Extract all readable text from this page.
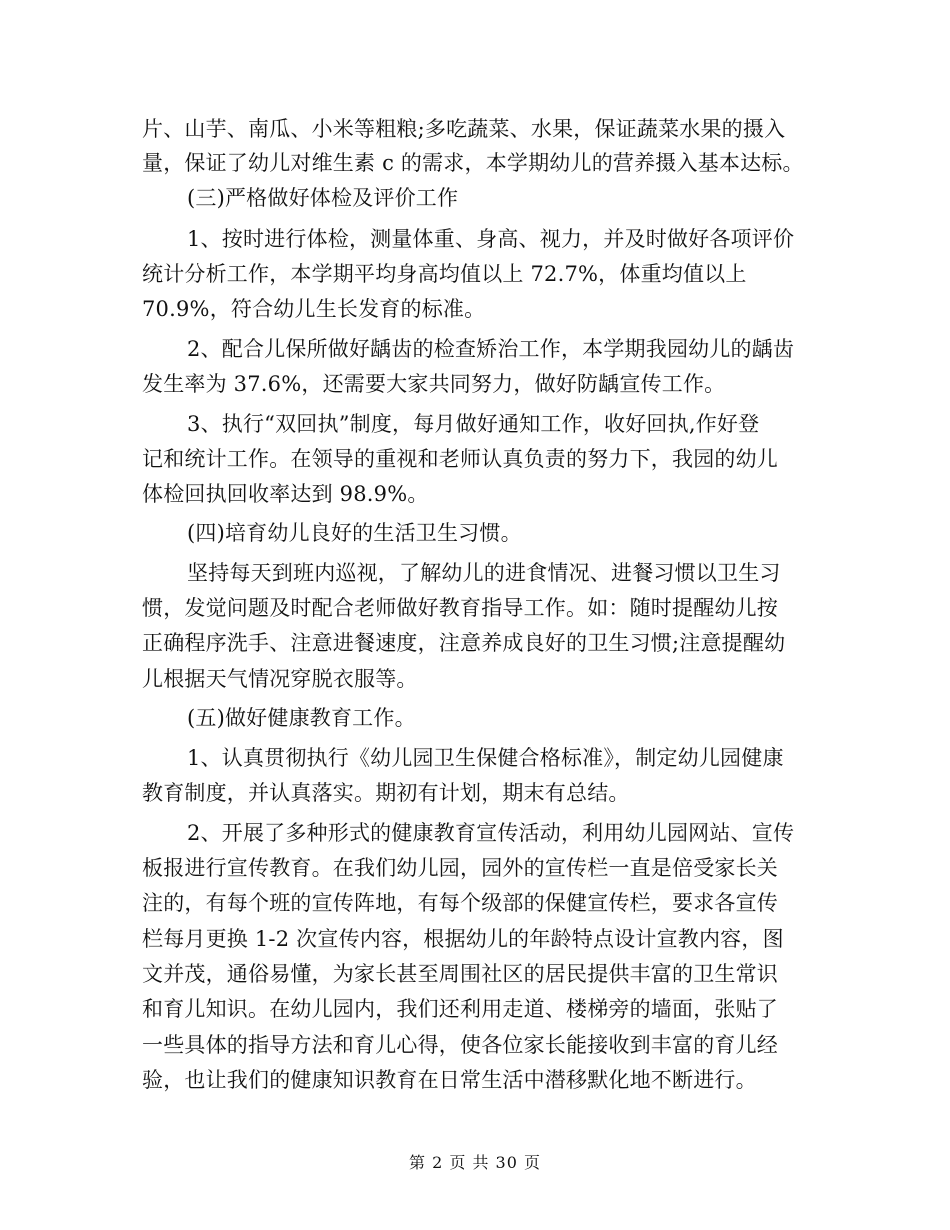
片、山芋、南瓜、小米等粗粮;多吃蔬菜、水果，保证蔬菜水果的摄入
量，保证了幼儿对维生素 c 的需求，本学期幼儿的营养摄入基本达标。
(三)严格做好体检及评价工作
1、按时进行体检，测量体重、身高、视力，并及时做好各项评价
统计分析工作，本学期平均身高均值以上 72.7%，体重均值以上
70.9%，符合幼儿生长发育的标准。
2、配合儿保所做好龋齿的检查矫治工作，本学期我园幼儿的龋齿
发生率为 37.6%，还需要大家共同努力，做好防龋宣传工作。
3、执行“双回执”制度，每月做好通知工作，收好回执,作好登
记和统计工作。在领导的重视和老师认真负责的努力下，我园的幼儿
体检回执回收率达到 98.9%。
(四)培育幼儿良好的生活卫生习惯。
坚持每天到班内巡视，了解幼儿的进食情况、进餐习惯以卫生习
惯，发觉问题及时配合老师做好教育指导工作。如：随时提醒幼儿按
正确程序洗手、注意进餐速度，注意养成良好的卫生习惯;注意提醒幼
儿根据天气情况穿脱衣服等。
(五)做好健康教育工作。
1、认真贯彻执行《幼儿园卫生保健合格标准》，制定幼儿园健康
教育制度，并认真落实。期初有计划，期末有总结。
2、开展了多种形式的健康教育宣传活动，利用幼儿园网站、宣传
板报进行宣传教育。在我们幼儿园，园外的宣传栏一直是倍受家长关
注的，有每个班的宣传阵地，有每个级部的保健宣传栏，要求各宣传
栏每月更换 1-2 次宣传内容，根据幼儿的年龄特点设计宣教内容，图
文并茂，通俗易懂，为家长甚至周围社区的居民提供丰富的卫生常识
和育儿知识。在幼儿园内，我们还利用走道、楼梯旁的墙面，张贴了
一些具体的指导方法和育儿心得，使各位家长能接收到丰富的育儿经
验，也让我们的健康知识教育在日常生活中潜移默化地不断进行。
第 2 页 共 30 页
